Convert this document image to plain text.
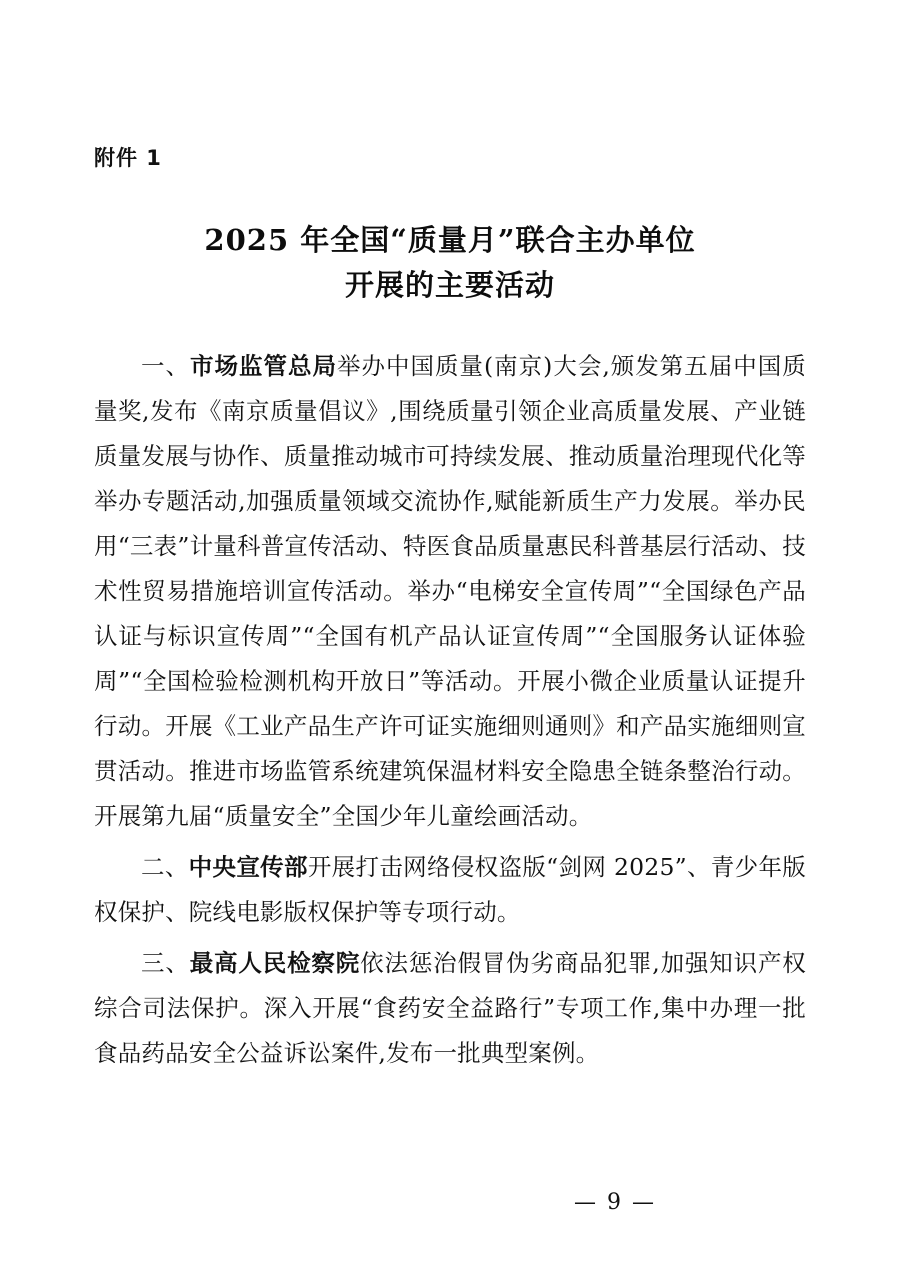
附件 1
2025 年全国“质量月”联合主办单位
开展的主要活动

一、市场监管总局举办中国质量(南京)大会,颁发第五届中国质量奖,发布《南京质量倡议》,围绕质量引领企业高质量发展、产业链质量发展与协作、质量推动城市可持续发展、推动质量治理现代化等举办专题活动,加强质量领域交流协作,赋能新质生产力发展。举办民用“三表”计量科普宣传活动、特医食品质量惠民科普基层行活动、技术性贸易措施培训宣传活动。举办“电梯安全宣传周”“全国绿色产品认证与标识宣传周”“全国有机产品认证宣传周”“全国服务认证体验周”“全国检验检测机构开放日”等活动。开展小微企业质量认证提升行动。开展《工业产品生产许可证实施细则通则》和产品实施细则宣贯活动。推进市场监管系统建筑保温材料安全隐患全链条整治行动。开展第九届“质量安全”全国少年儿童绘画活动。

二、中央宣传部开展打击网络侵权盗版“剑网 2025”、青少年版权保护、院线电影版权保护等专项行动。

三、最高人民检察院依法惩治假冒伪劣商品犯罪,加强知识产权综合司法保护。深入开展“食药安全益路行”专项工作,集中办理一批食品药品安全公益诉讼案件,发布一批典型案例。

— 9 —
